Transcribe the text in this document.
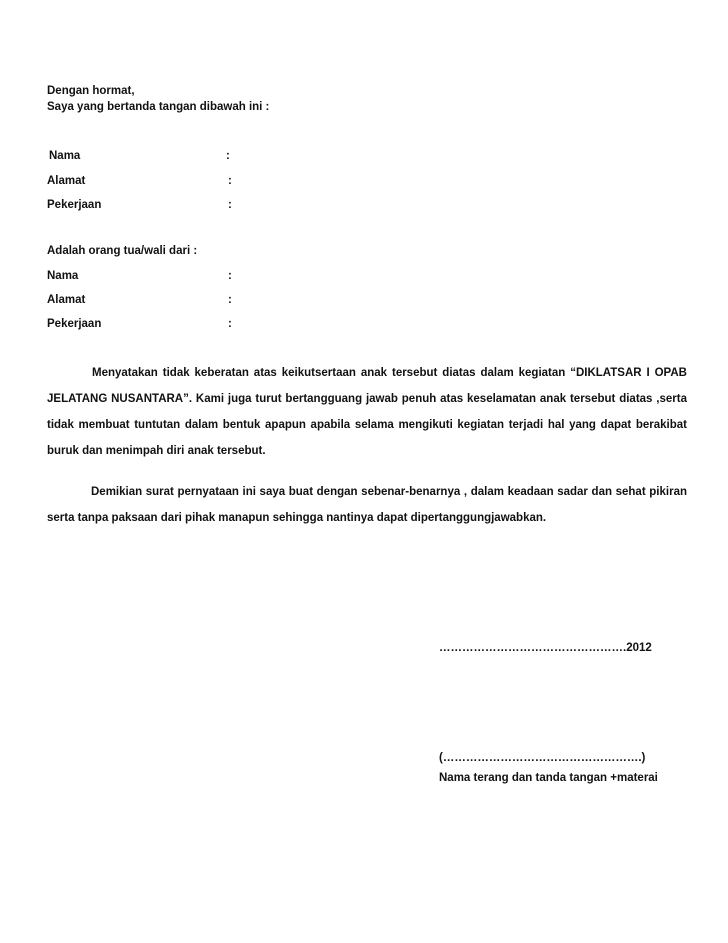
Dengan hormat,
Saya yang bertanda tangan dibawah ini :
Nama	:
Alamat	:
Pekerjaan	:
Adalah orang tua/wali dari :
Nama	:
Alamat	:
Pekerjaan	:
Menyatakan tidak keberatan atas keikutsertaan anak tersebut diatas dalam kegiatan “DIKLATSAR I OPAB JELATANG NUSANTARA”. Kami juga turut bertangguang jawab penuh atas keselamatan anak tersebut diatas ,serta tidak membuat tuntutan dalam bentuk apapun apabila selama mengikuti kegiatan terjadi hal yang dapat berakibat buruk dan menimpah diri anak tersebut.
Demikian surat pernyataan ini saya buat dengan sebenar-benarnya , dalam keadaan sadar dan sehat pikiran serta tanpa paksaan dari pihak manapun sehingga nantinya dapat dipertanggungjawabkan.
………………………………………….2012
(…………………………………………….)
Nama terang dan tanda tangan +materai
